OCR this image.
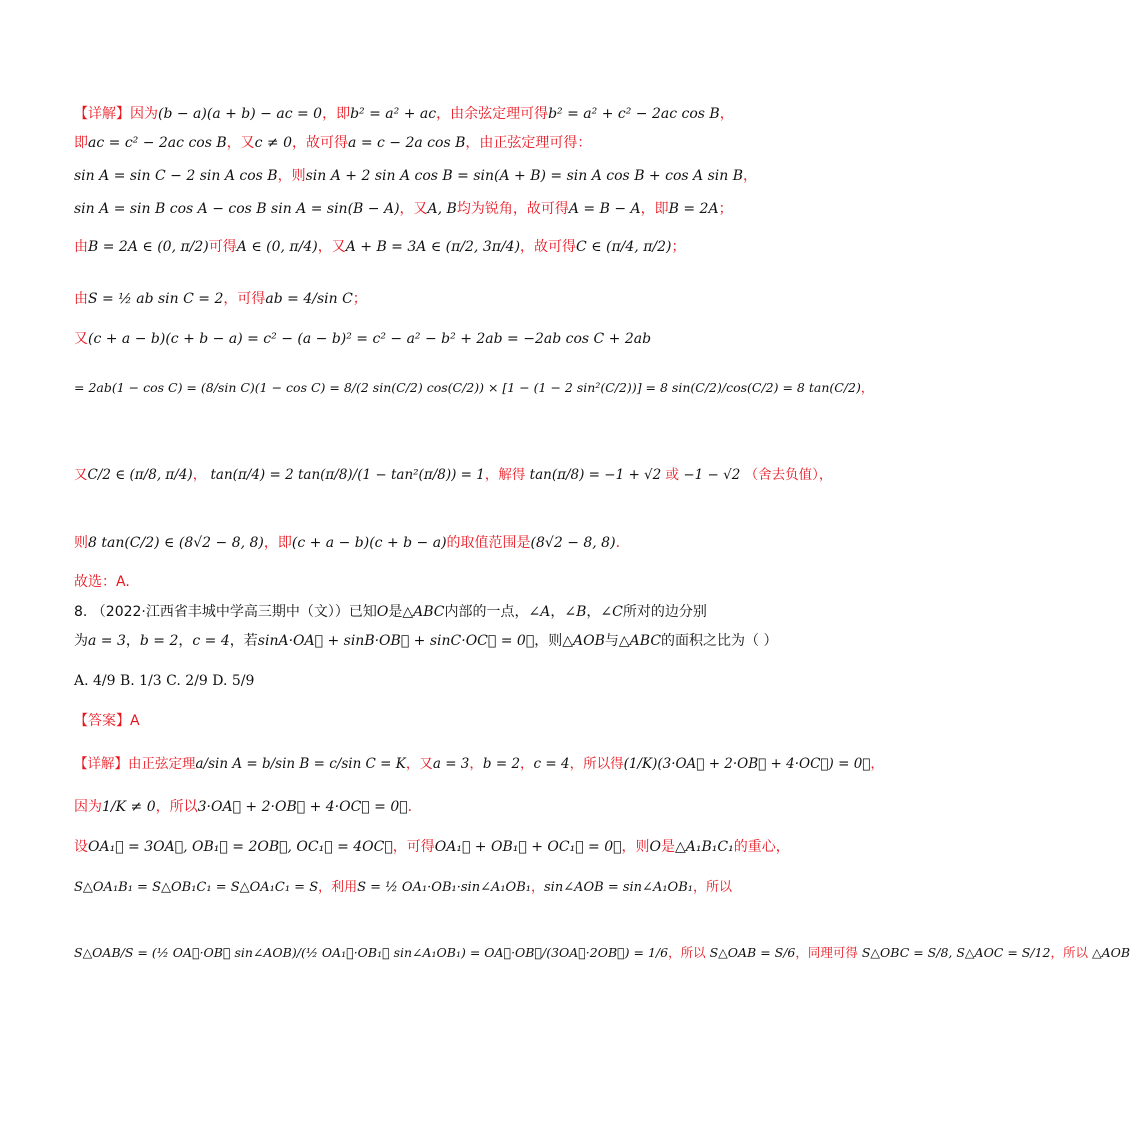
【详解】因为(b − a)(a + b) − ac = 0，即b² = a² + ac，由余弦定理可得b² = a² + c² − 2ac cos B，
即ac = c² − 2ac cos B，又c ≠ 0，故可得a = c − 2a cos B，由正弦定理可得：
sin A = sin C − 2 sin A cos B，则sin A + 2 sin A cos B = sin(A + B) = sin A cos B + cos A sin B，
sin A = sin B cos A − cos B sin A = sin(B − A)，又A, B均为锐角，故可得A = B − A，即B = 2A；
由B = 2A ∈ (0, π/2)可得A ∈ (0, π/4)，又A + B = 3A ∈ (π/2, 3π/4)，故可得C ∈ (π/4, π/2)；
由S = ½ ab sin C = 2，可得ab = 4/sin C；
又(c + a − b)(c + b − a) = c² − (a − b)² = c² − a² − b² + 2ab = −2ab cos C + 2ab
= 2ab(1 − cos C) = (8/sin C)(1 − cos C) = 8/(2 sin(C/2) cos(C/2)) × [1 − (1 − 2 sin²(C/2))] = 8 sin(C/2)/cos(C/2) = 8 tan(C/2)，
又C/2 ∈ (π/8, π/4)， tan(π/4) = 2 tan(π/8)/(1 − tan²(π/8)) = 1，解得 tan(π/8) = −1 + √2 或 −1 − √2 （舍去负值），
则8 tan(C/2) ∈ (8√2 − 8, 8)，即(c + a − b)(c + b − a)的取值范围是(8√2 − 8, 8).
故选：A.
8. （2022·江西省丰城中学高三期中（文））已知O是△ABC内部的一点，∠A，∠B，∠C所对的边分别
为a = 3，b = 2，c = 4，若sinA·OA⃗ + sinB·OB⃗ + sinC·OC⃗ = 0⃗，则△AOB与△ABC的面积之比为（ ）
A. 4/9 B. 1/3 C. 2/9 D. 5/9
【答案】A
【详解】由正弦定理a/sin A = b/sin B = c/sin C = K，又a = 3，b = 2，c = 4，所以得(1/K)(3·OA⃗ + 2·OB⃗ + 4·OC⃗) = 0⃗，
因为1/K ≠ 0，所以3·OA⃗ + 2·OB⃗ + 4·OC⃗ = 0⃗.
设OA₁⃗ = 3OA⃗, OB₁⃗ = 2OB⃗, OC₁⃗ = 4OC⃗，可得OA₁⃗ + OB₁⃗ + OC₁⃗ = 0⃗，则O是△A₁B₁C₁的重心，
S△OA₁B₁ = S△OB₁C₁ = S△OA₁C₁ = S，利用S = ½ OA₁·OB₁·sin∠A₁OB₁，sin∠AOB = sin∠A₁OB₁，所以
S△OAB/S = (½ OA⃗·OB⃗ sin∠AOB)/(½ OA₁⃗·OB₁⃗ sin∠A₁OB₁) = OA⃗·OB⃗/(3OA⃗·2OB⃗) = 1/6，所以 S△OAB = S/6，同理可得 S△OBC = S/8, S△AOC = S/12，所以 △AOB
